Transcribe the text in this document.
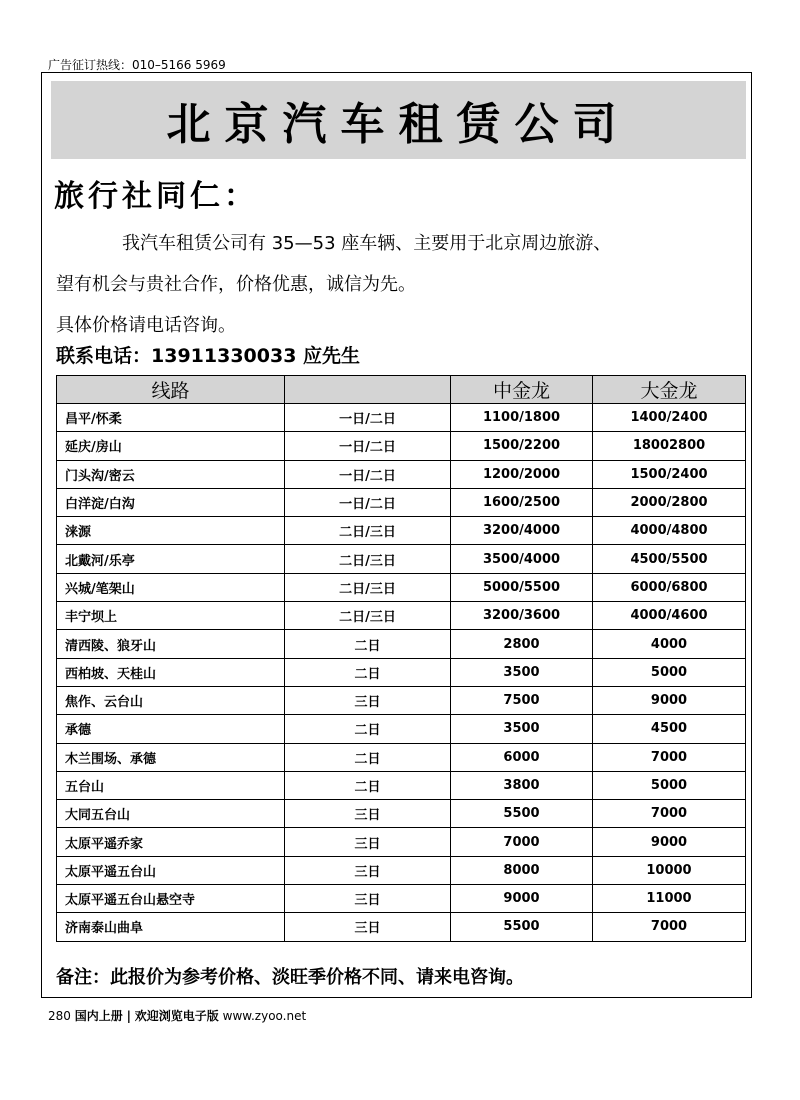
广告征订热线：010–5166 5969
北京汽车租赁公司
旅行社同仁：

我汽车租赁公司有 35—53 座车辆、主要用于北京周边旅游、

望有机会与贵社合作，价格优惠，诚信为先。

具体价格请电话咨询。

联系电话：13911330033 应先生
线路		中金龙	大金龙
昌平/怀柔	一日/二日	1100/1800	1400/2400
延庆/房山	一日/二日	1500/2200	18002800
门头沟/密云	一日/二日	1200/2000	1500/2400
白洋淀/白沟	一日/二日	1600/2500	2000/2800
涞源	二日/三日	3200/4000	4000/4800
北戴河/乐亭	二日/三日	3500/4000	4500/5500
兴城/笔架山	二日/三日	5000/5500	6000/6800
丰宁坝上	二日/三日	3200/3600	4000/4600
清西陵、狼牙山	二日	2800	4000
西柏坡、天桂山	二日	3500	5000
焦作、云台山	三日	7500	9000
承德	二日	3500	4500
木兰围场、承德	二日	6000	7000
五台山	二日	3800	5000
大同五台山	三日	5500	7000
太原平遥乔家	三日	7000	9000
太原平遥五台山	三日	8000	10000
太原平遥五台山悬空寺	三日	9000	11000
济南泰山曲阜	三日	5500	7000
备注：此报价为参考价格、淡旺季价格不同、请来电咨询。
280 国内上册 | 欢迎浏览电子版 www.zyoo.net
